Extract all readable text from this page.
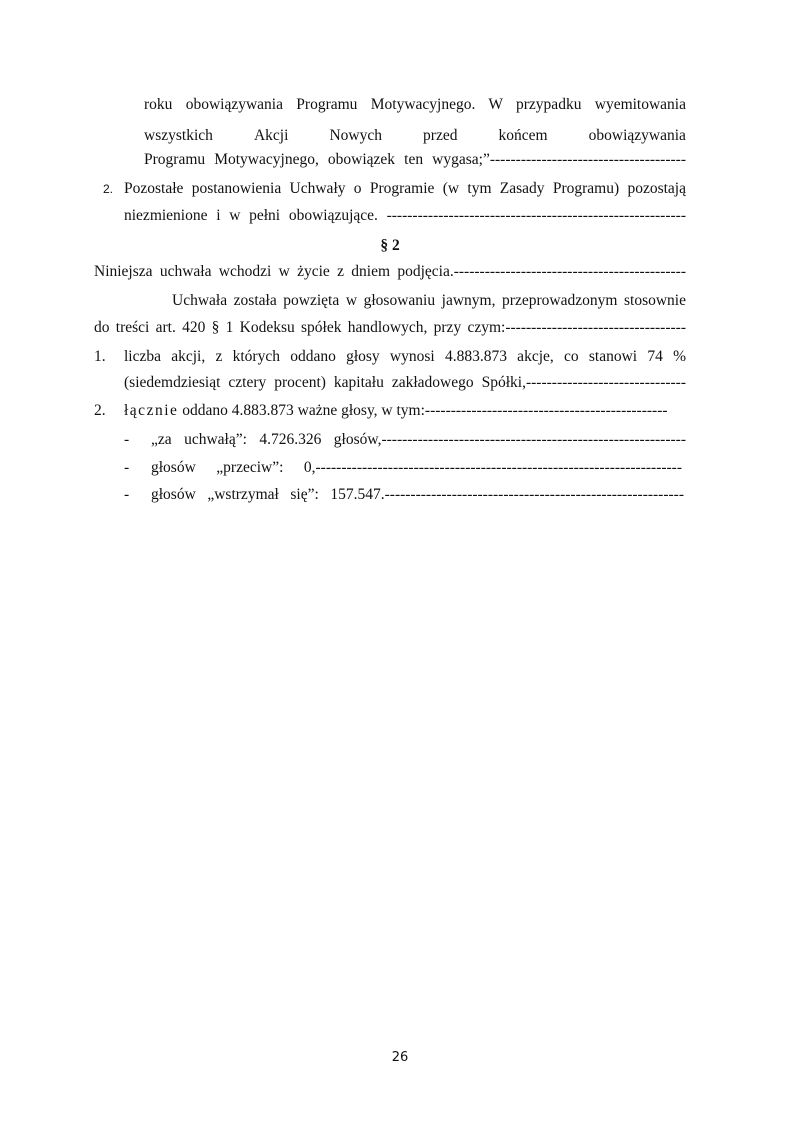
roku obowiązywania Programu Motywacyjnego. W przypadku wyemitowania
wszystkich	Akcji	Nowych	przed	końcem	obowiązywania
Programu Motywacyjnego, obowiązek ten wygasa;”--------------------------------------
2. Pozostałe postanowienia Uchwały o Programie (w tym Zasady Programu) pozostają
niezmienione i w pełni obowiązujące. ----------------------------------------------------------
§ 2
Niniejsza uchwała wchodzi w życie z dniem podjęcia.---------------------------------------------
Uchwała została powzięta w głosowaniu jawnym, przeprowadzonym stosownie
do treści art. 420 § 1 Kodeksu spółek handlowych, przy czym:-----------------------------------
1. liczba akcji, z których oddano głosy wynosi 4.883.873 akcje, co stanowi 74 %
(siedemdziesiąt cztery procent) kapitału zakładowego Spółki,-------------------------------
2. łącznie oddano 4.883.873 ważne głosy, w tym:-----------------------------------------------
- „za uchwałą”: 4.726.326 głosów,-----------------------------------------------------------
- głosów „przeciw”: 0,-----------------------------------------------------------------------
- głosów „wstrzymał się”: 157.547.----------------------------------------------------------
26
